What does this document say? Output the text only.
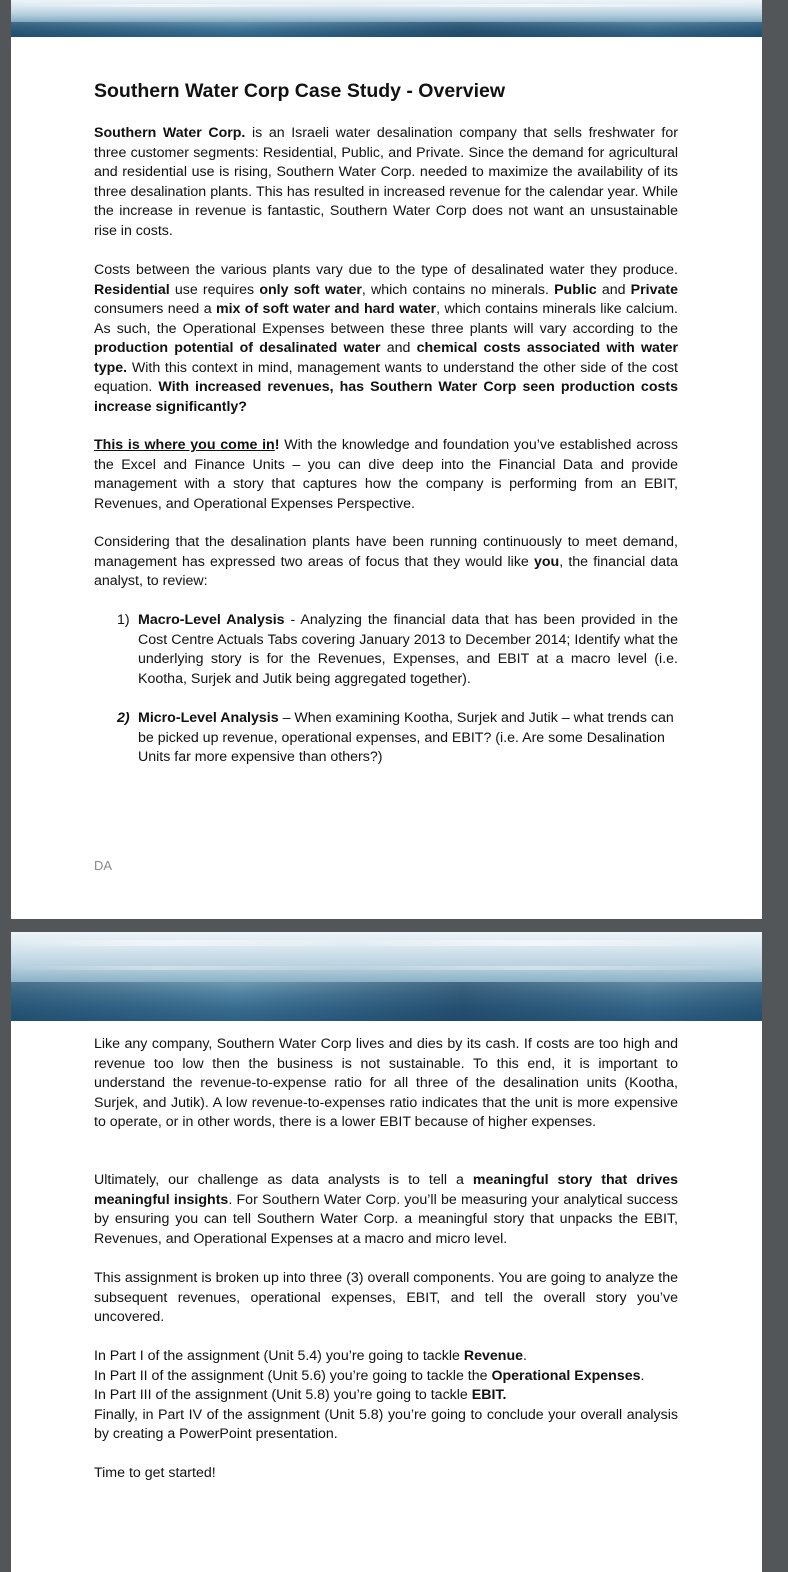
Southern Water Corp Case Study - Overview

Southern Water Corp. is an Israeli water desalination company that sells freshwater for three customer segments: Residential, Public, and Private. Since the demand for agricultural and residential use is rising, Southern Water Corp. needed to maximize the availability of its three desalination plants. This has resulted in increased revenue for the calendar year. While the increase in revenue is fantastic, Southern Water Corp does not want an unsustainable rise in costs.

Costs between the various plants vary due to the type of desalinated water they produce. Residential use requires only soft water, which contains no minerals. Public and Private consumers need a mix of soft water and hard water, which contains minerals like calcium. As such, the Operational Expenses between these three plants will vary according to the production potential of desalinated water and chemical costs associated with water type. With this context in mind, management wants to understand the other side of the cost equation. With increased revenues, has Southern Water Corp seen production costs increase significantly?

This is where you come in! With the knowledge and foundation you’ve established across the Excel and Finance Units – you can dive deep into the Financial Data and provide management with a story that captures how the company is performing from an EBIT, Revenues, and Operational Expenses Perspective.

Considering that the desalination plants have been running continuously to meet demand, management has expressed two areas of focus that they would like you, the financial data analyst, to review:

1) Macro-Level Analysis - Analyzing the financial data that has been provided in the Cost Centre Actuals Tabs covering January 2013 to December 2014; Identify what the underlying story is for the Revenues, Expenses, and EBIT at a macro level (i.e. Kootha, Surjek and Jutik being aggregated together).
2) Micro-Level Analysis – When examining Kootha, Surjek and Jutik – what trends can be picked up revenue, operational expenses, and EBIT? (i.e. Are some Desalination Units far more expensive than others?)
DA

Like any company, Southern Water Corp lives and dies by its cash. If costs are too high and revenue too low then the business is not sustainable. To this end, it is important to understand the revenue-to-expense ratio for all three of the desalination units (Kootha, Surjek, and Jutik). A low revenue-to-expenses ratio indicates that the unit is more expensive to operate, or in other words, there is a lower EBIT because of higher expenses.

Ultimately, our challenge as data analysts is to tell a meaningful story that drives meaningful insights. For Southern Water Corp. you’ll be measuring your analytical success by ensuring you can tell Southern Water Corp. a meaningful story that unpacks the EBIT, Revenues, and Operational Expenses at a macro and micro level.

This assignment is broken up into three (3) overall components. You are going to analyze the subsequent revenues, operational expenses, EBIT, and tell the overall story you’ve uncovered.

In Part I of the assignment (Unit 5.4) you’re going to tackle Revenue.

In Part II of the assignment (Unit 5.6) you’re going to tackle the Operational Expenses.

In Part III of the assignment (Unit 5.8) you’re going to tackle EBIT.

Finally, in Part IV of the assignment (Unit 5.8) you’re going to conclude your overall analysis by creating a PowerPoint presentation.

Time to get started!
